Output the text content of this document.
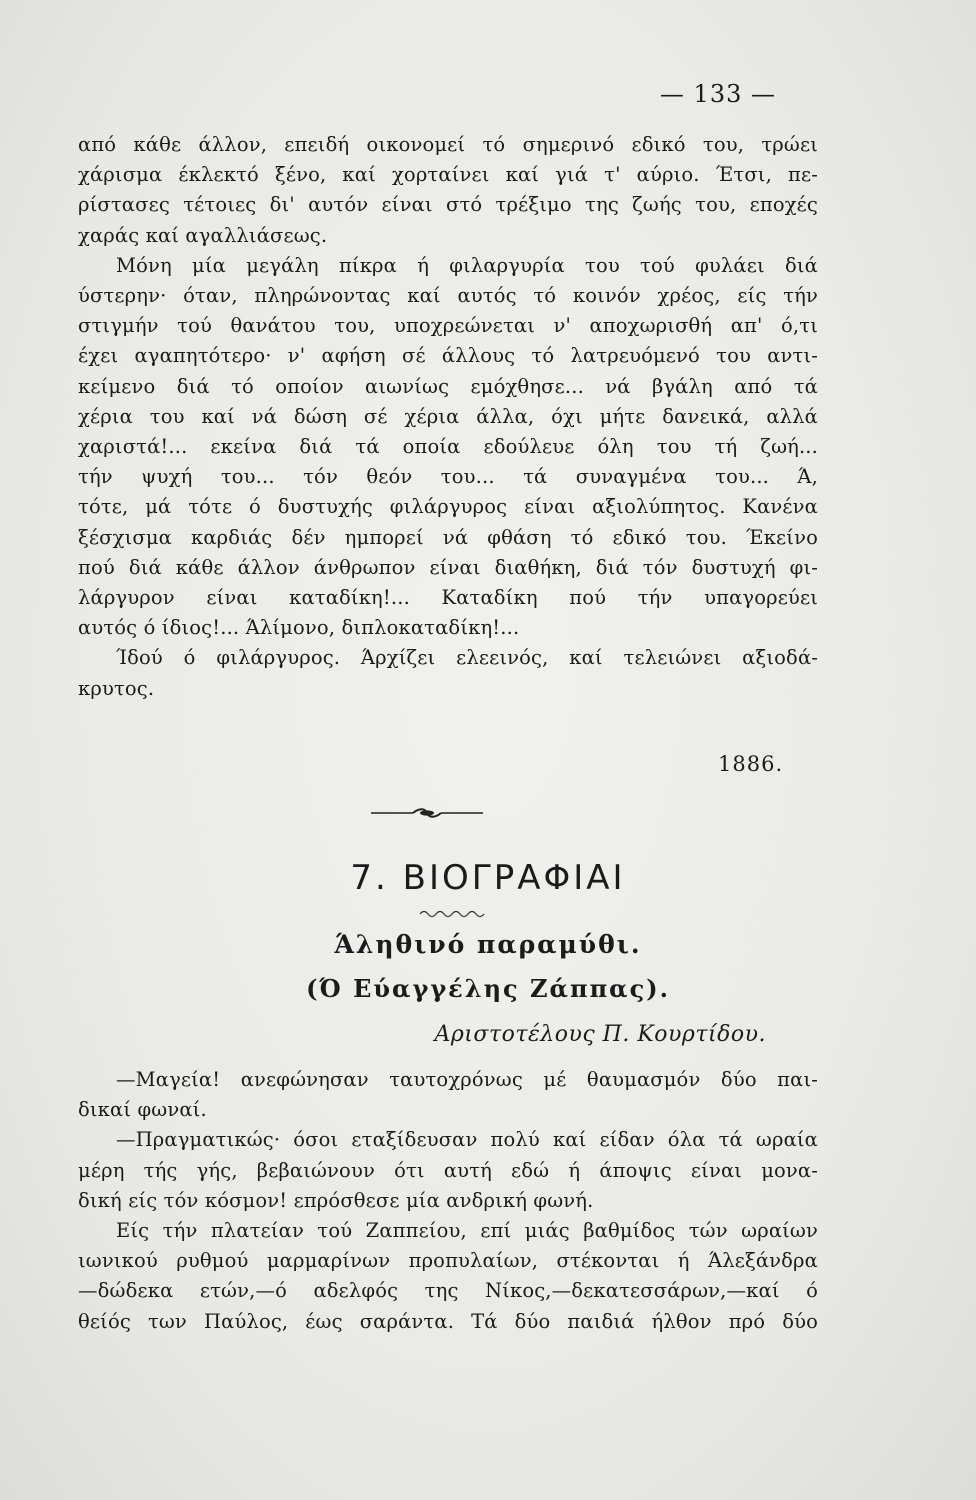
— 133 —
από κάθε άλλον, επειδή οικονομεί τό σημερινό εδικό του, τρώει
χάρισμα έκλεκτό ξένο, καί χορταίνει καί γιά τ' αύριο. Έτσι, πε-
ρίστασες τέτοιες δι' αυτόν είναι στό τρέξιμο της ζωής του, εποχές
χαράς καί αγαλλιάσεως.
Μόνη μία μεγάλη πίκρα ή φιλαργυρία του τού φυλάει διά
ύστερην· όταν, πληρώνοντας καί αυτός τό κοινόν χρέος, είς τήν
στιγμήν τού θανάτου του, υποχρεώνεται ν' αποχωρισθή απ' ό,τι
έχει αγαπητότερο· ν' αφήση σέ άλλους τό λατρευόμενό του αντι-
κείμενο διά τό οποίον αιωνίως εμόχθησε... νά βγάλη από τά
χέρια του καί νά δώση σέ χέρια άλλα, όχι μήτε δανεικά, αλλά
χαριστά!... εκείνα διά τά οποία εδούλευε όλη του τή ζωή...
τήν ψυχή του... τόν θεόν του... τά συναγμένα του... Ά,
τότε, μά τότε ό δυστυχής φιλάργυρος είναι αξιολύπητος. Κανένα
ξέσχισμα καρδιάς δέν ημπορεί νά φθάση τό εδικό του. Έκείνο
πού διά κάθε άλλον άνθρωπον είναι διαθήκη, διά τόν δυστυχή φι-
λάργυρον είναι καταδίκη!... Καταδίκη πού τήν υπαγορεύει
αυτός ό ίδιος!... Άλίμονο, διπλοκαταδίκη!...
Ίδού ό φιλάργυρος. Άρχίζει ελεεινός, καί τελειώνει αξιοδά-
κρυτος.
1886.
7. ΒΙΟΓΡΑΦΙΑΙ
Άληθινό παραμύθι.
(Ό Εύαγγέλης Ζάππας).
Αριστοτέλους Π. Κουρτίδου.
—Μαγεία! ανεφώνησαν ταυτοχρόνως μέ θαυμασμόν δύο παι-
δικαί φωναί.
—Πραγματικώς· όσοι εταξίδευσαν πολύ καί είδαν όλα τά ωραία
μέρη τής γής, βεβαιώνουν ότι αυτή εδώ ή άποψις είναι μονα-
δική είς τόν κόσμον! επρόσθεσε μία ανδρική φωνή.
Είς τήν πλατείαν τού Ζαππείου, επί μιάς βαθμίδος τών ωραίων
ιωνικού ρυθμού μαρμαρίνων προπυλαίων, στέκονται ή Άλεξάνδρα
—δώδεκα ετών,—ό αδελφός της Νίκος,—δεκατεσσάρων,—καί ό
θείός των Παύλος, έως σαράντα. Τά δύο παιδιά ήλθον πρό δύο
